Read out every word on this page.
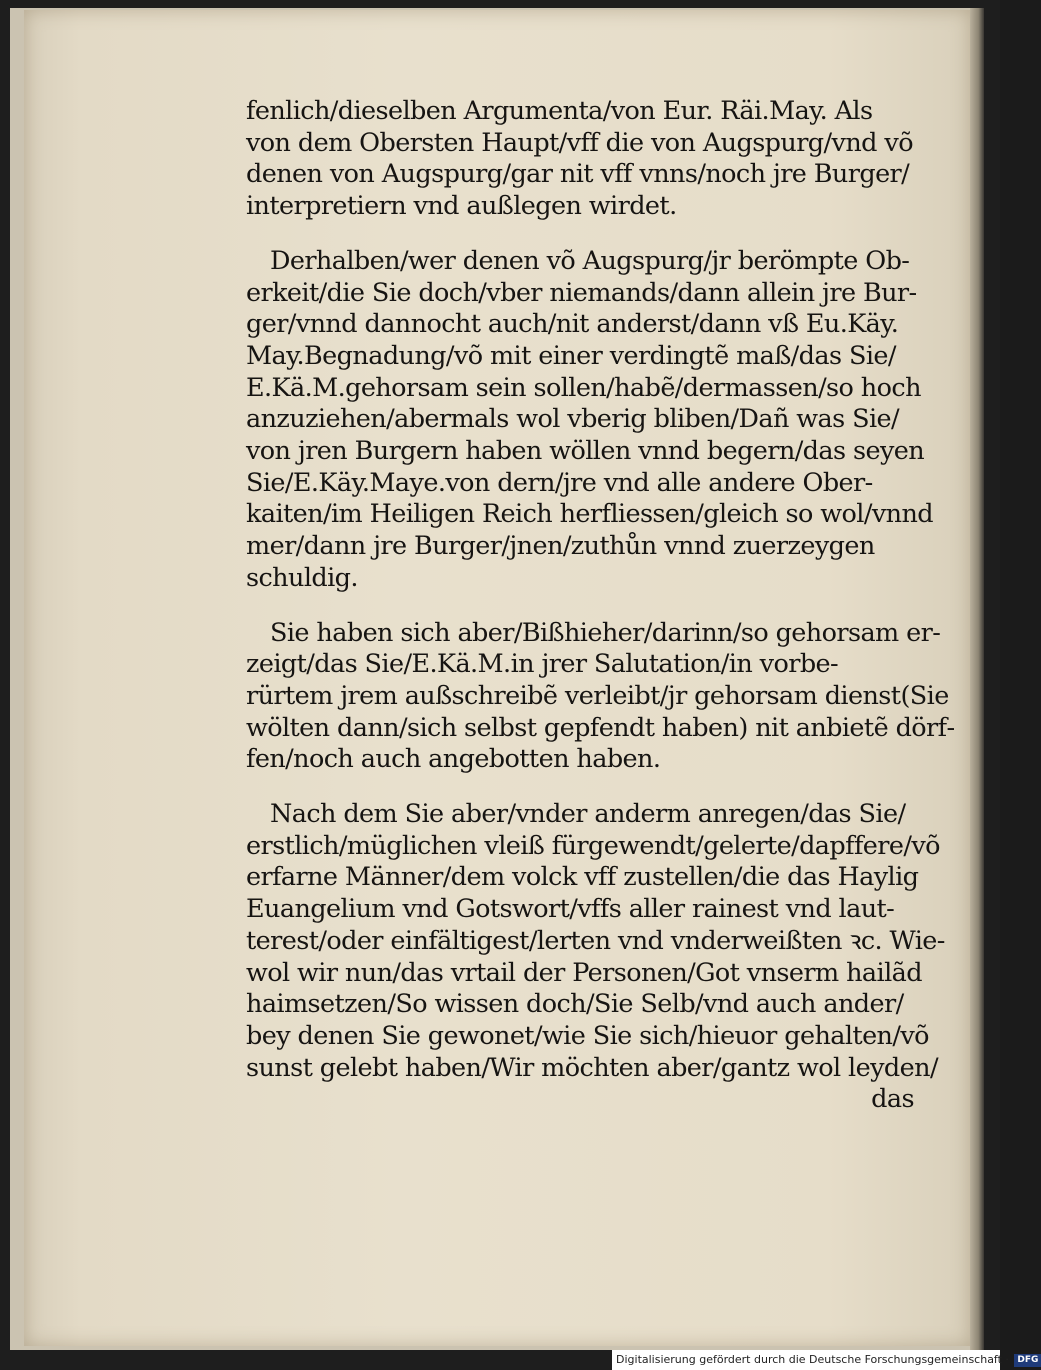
fenlich/dieselben Argumenta/von Eur. Räi.May. Als
von dem Obersten Haupt/vff die von Augspurg/vnd võ
denen von Augspurg/gar nit vff vnns/noch jre Burger/
interpretiern vnd außlegen wirdet.
Derhalben/wer denen võ Augspurg/jr berömpte Ob‐
erkeit/die Sie doch/vber niemands/dann allein jre Bur‐
ger/vnnd dannocht auch/nit anderst/dann vß Eu.Käy.
May.Begnadung/võ mit einer verdingtẽ maß/das Sie/
E.Kä.M.gehorsam sein sollen/habẽ/dermassen/so hoch
anzuziehen/abermals wol vberig bliben/Dañ was Sie/
von jren Burgern haben wöllen vnnd begern/das seyen
Sie/E.Käy.Maye.von dern/jre vnd alle andere Ober‐
kaiten/im Heiligen Reich herfliessen/gleich so wol/vnnd
mer/dann jre Burger/jnen/zuthůn vnnd zuerzeygen
schuldig.
Sie haben sich aber/Bißhieher/darinn/so gehorsam er‐
zeigt/das Sie/E.Kä.M.in jrer Salutation/in vorbe‐
rürtem jrem außschreibẽ verleibt/jr gehorsam dienst(Sie
wölten dann/sich selbst gepfendt haben) nit anbietẽ dörf‐
fen/noch auch angebotten haben.
Nach dem Sie aber/vnder anderm anregen/das Sie/
erstlich/müglichen vleiß fürgewendt/gelerte/dapffere/võ
erfarne Männer/dem volck vff zustellen/die das Haylig
Euangelium vnd Gotswort/vffs aller rainest vnd laut‐
terest/oder einfältigest/lerten vnd vnderweißten ꝛc. Wie‐
wol wir nun/das vrtail der Personen/Got vnserm hailãd
haimsetzen/So wissen doch/Sie Selb/vnd auch ander/
bey denen Sie gewonet/wie Sie sich/hieuor gehalten/võ
sunst gelebt haben/Wir möchten aber/gantz wol leyden/
das
Digitalisierung gefördert durch die Deutsche Forschungsgemeinschaft · DFG
